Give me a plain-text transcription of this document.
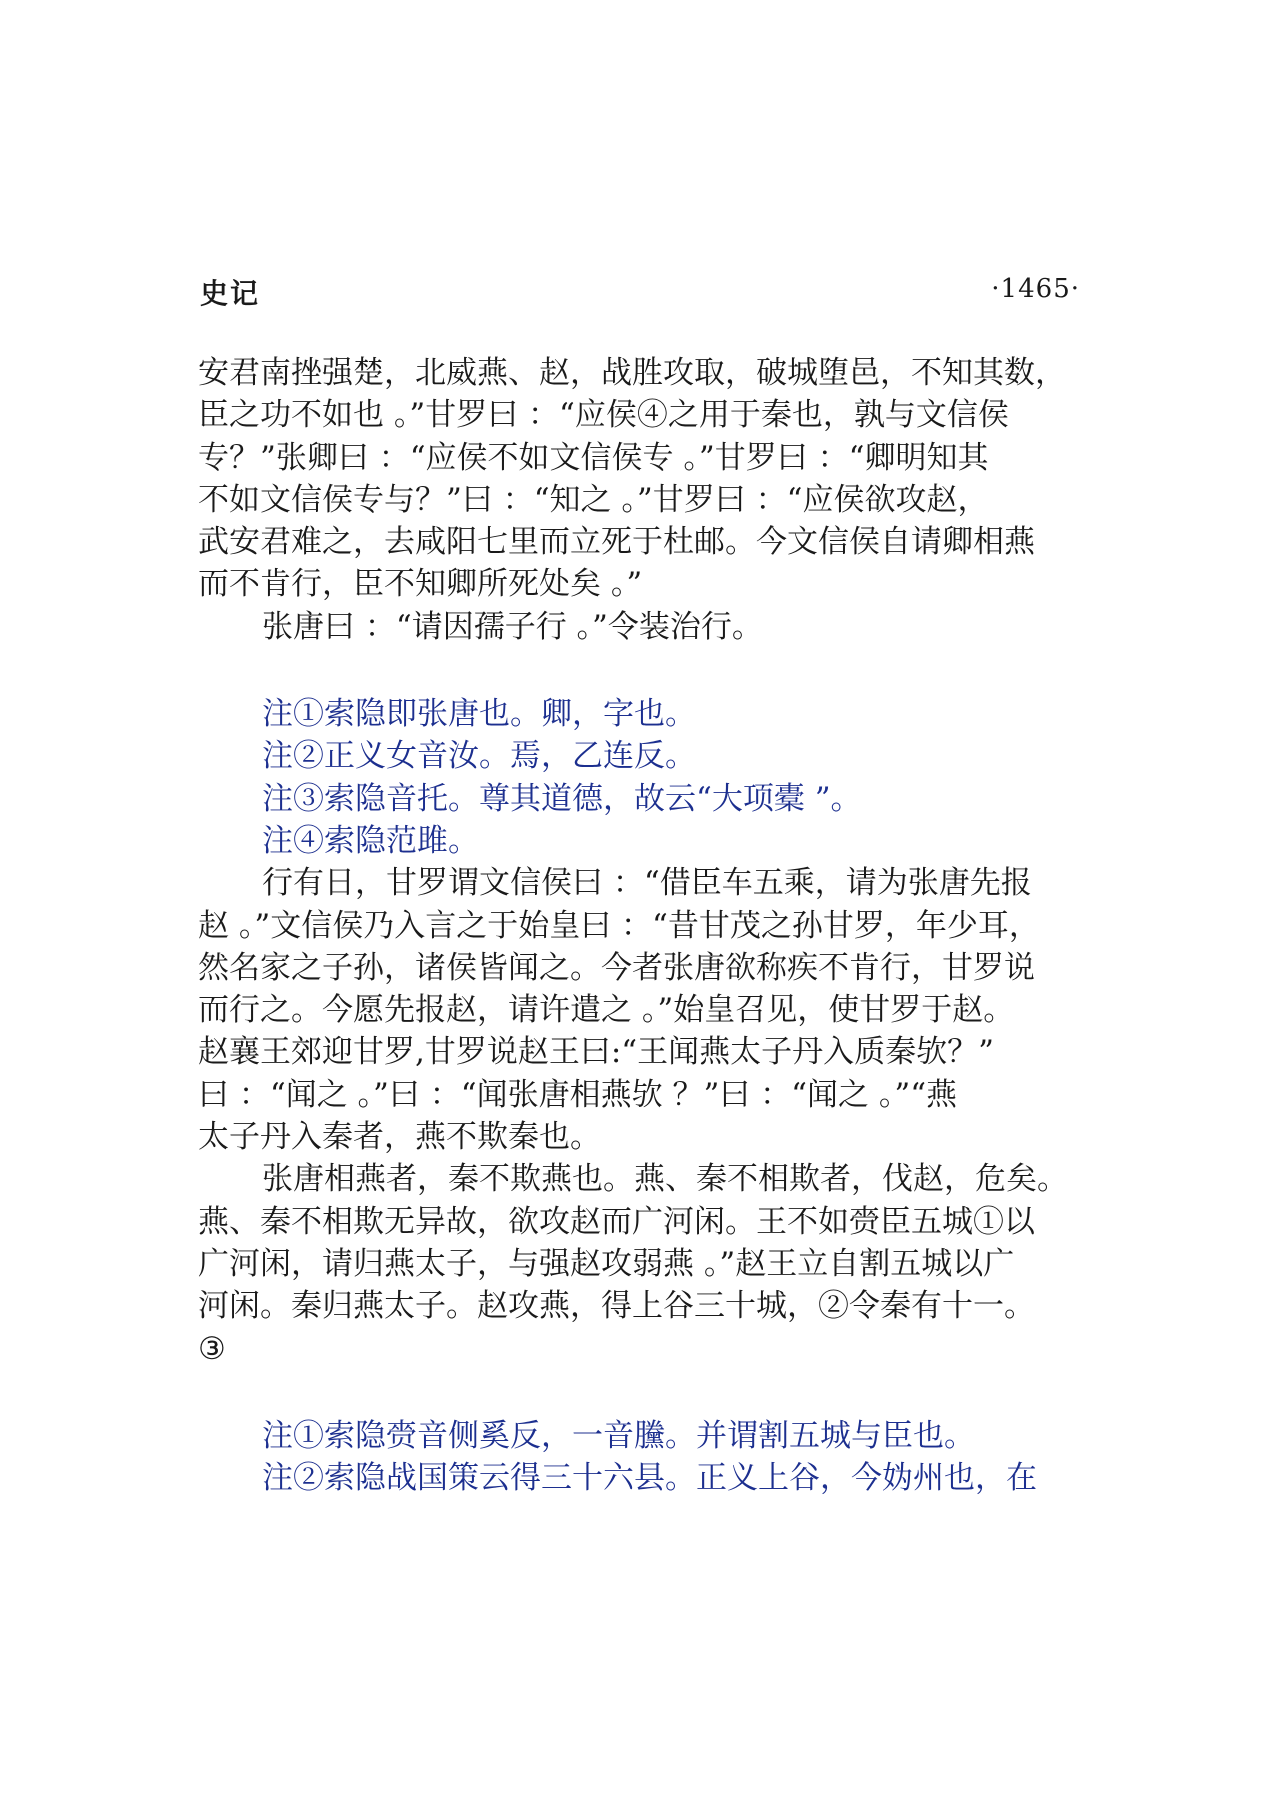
史记	·1465·
安君南挫强楚，北威燕、赵，战胜攻取，破城堕邑，不知其数，
臣之功不如也 。”甘罗曰 ：“应侯④之用于秦也，孰与文信侯
专？”张卿曰 ：“应侯不如文信侯专 。”甘罗曰 ：“卿明知其
不如文信侯专与？”曰 ：“知之 。”甘罗曰 ：“应侯欲攻赵，
武安君难之，去咸阳七里而立死于杜邮。今文信侯自请卿相燕
而不肯行，臣不知卿所死处矣 。”
张唐曰 ：“请因孺子行 。”令装治行。
注①索隐即张唐也。卿，字也。
注②正义女音汝。焉，乙连反。
注③索隐音托。尊其道德，故云“大项橐 ”。
注④索隐范雎。
行有日，甘罗谓文信侯曰 ：“借臣车五乘，请为张唐先报
赵 。”文信侯乃入言之于始皇曰 ：“昔甘茂之孙甘罗，年少耳，
然名家之子孙，诸侯皆闻之。今者张唐欲称疾不肯行，甘罗说
而行之。今愿先报赵，请许遣之 。”始皇召见，使甘罗于赵。
赵襄王郊迎甘罗,甘罗说赵王曰:“王闻燕太子丹入质秦欤？”
曰 ：“闻之 。”曰 ：“闻张唐相燕欤 ？”曰 ：“闻之 。”“燕
太子丹入秦者，燕不欺秦也。
张唐相燕者，秦不欺燕也。燕、秦不相欺者，伐赵，危矣。
燕、秦不相欺无异故，欲攻赵而广河闲。王不如赍臣五城①以
广河闲，请归燕太子，与强赵攻弱燕 。”赵王立自割五城以广
河闲。秦归燕太子。赵攻燕，得上谷三十城，②令秦有十一。
③
注①索隐赍音侧奚反，一音黱。并谓割五城与臣也。
注②索隐战国策云得三十六县。正义上谷，今妫州也，在
